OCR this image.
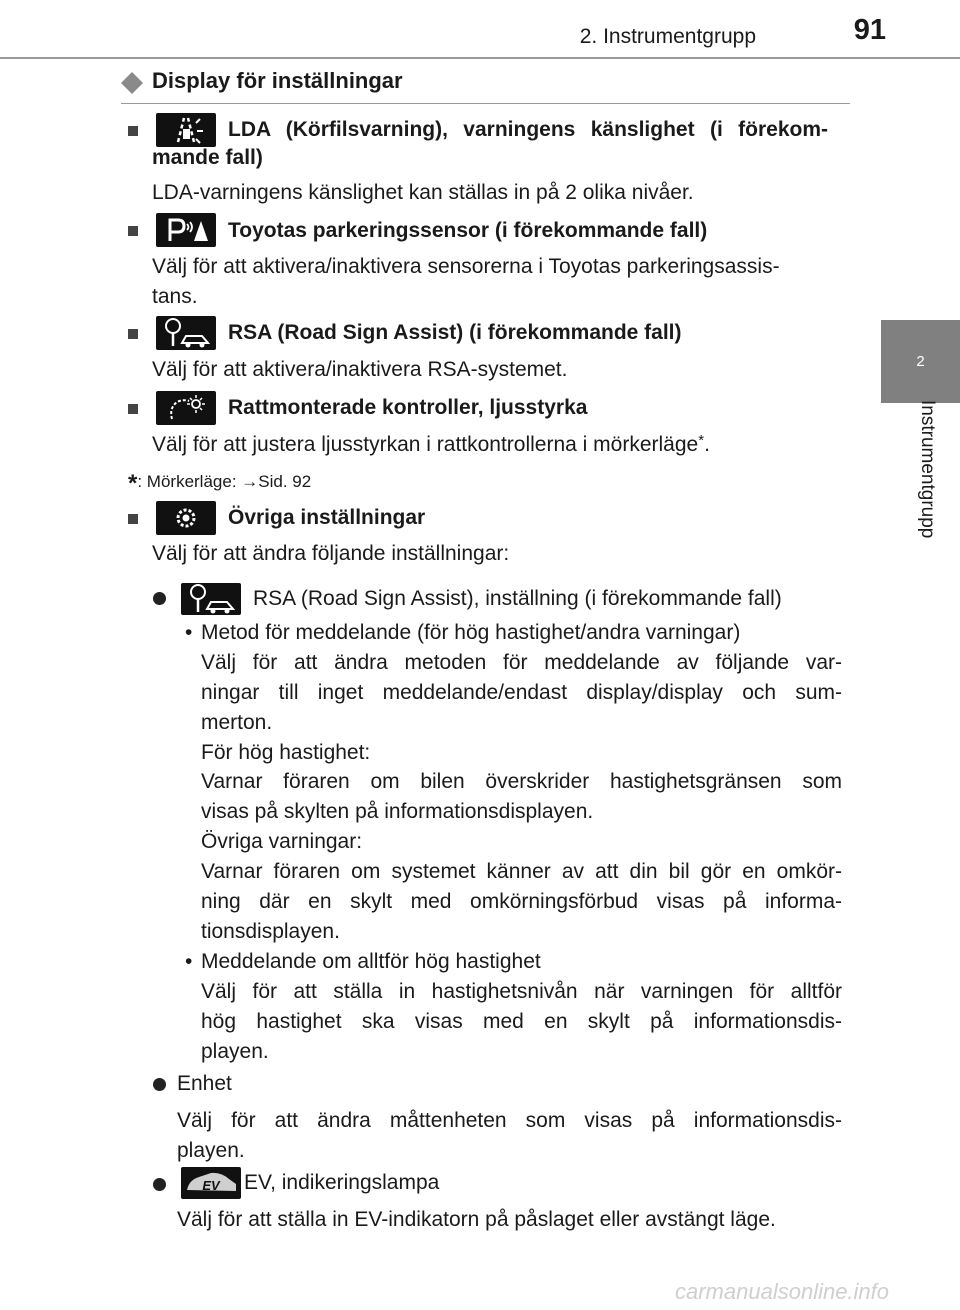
2. Instrumentgrupp	91
2
Instrumentgrupp
Display för inställningar
LDA (Körfilsvarning), varningens känslighet (i förekom-
mande fall)
LDA-varningens känslighet kan ställas in på 2 olika nivåer.
Toyotas parkeringssensor (i förekommande fall)
Välj för att aktivera/inaktivera sensorerna i Toyotas parkeringsassis-
tans.
RSA (Road Sign Assist) (i förekommande fall)
Välj för att aktivera/inaktivera RSA-systemet.
Rattmonterade kontroller, ljusstyrka
Välj för att justera ljusstyrkan i rattkontrollerna i mörkerläge*.
*: Mörkerläge: →Sid. 92
Övriga inställningar
Välj för att ändra följande inställningar:
RSA (Road Sign Assist), inställning (i förekommande fall)
• Metod för meddelande (för hög hastighet/andra varningar)
Välj för att ändra metoden för meddelande av följande var-
ningar till inget meddelande/endast display/display och sum-
merton.
För hög hastighet:
Varnar föraren om bilen överskrider hastighetsgränsen som
visas på skylten på informationsdisplayen.
Övriga varningar:
Varnar föraren om systemet känner av att din bil gör en omkör-
ning där en skylt med omkörningsförbud visas på informa-
tionsdisplayen.
• Meddelande om alltför hög hastighet
Välj för att ställa in hastighetsnivån när varningen för alltför
hög hastighet ska visas med en skylt på informationsdis-
playen.
Enhet
Välj för att ändra måttenheten som visas på informationsdis-
playen.
EV EV, indikeringslampa
Välj för att ställa in EV-indikatorn på påslaget eller avstängt läge.
carmanualsonline.info
